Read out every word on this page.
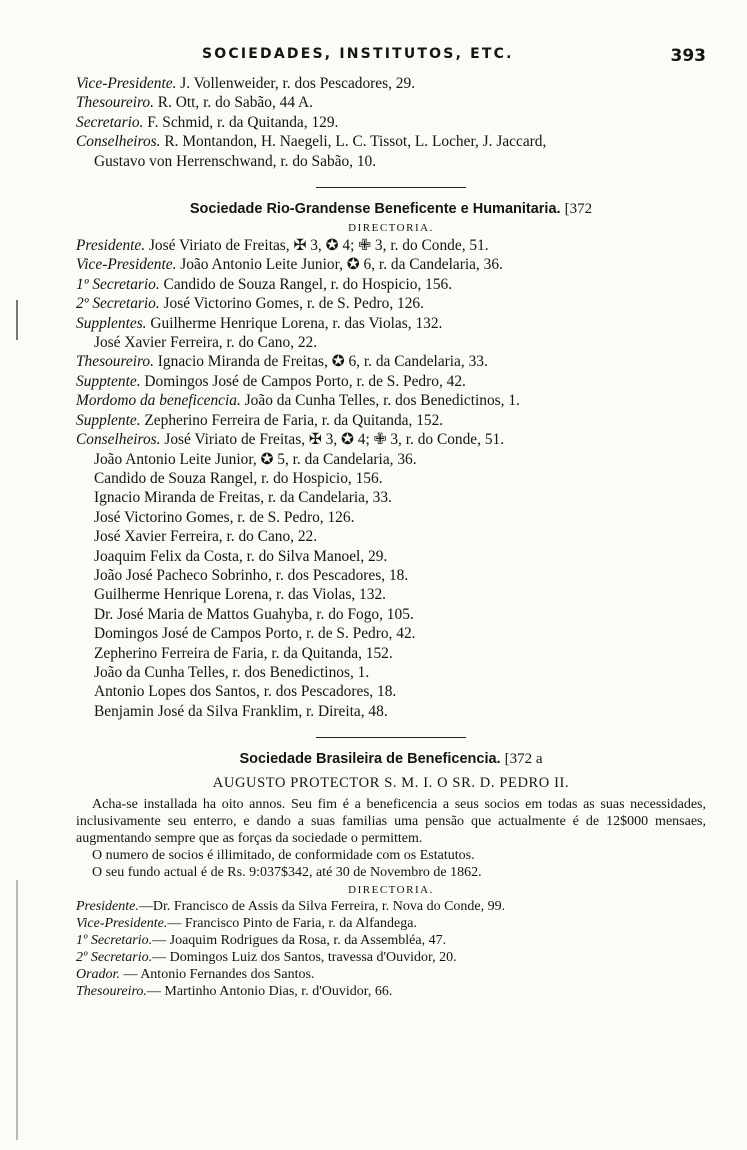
SOCIEDADES, INSTITUTOS, ETC.	393
Vice-Presidente. J. Vollenweider, r. dos Pescadores, 29.
Thesoureiro. R. Ott, r. do Sabão, 44 A.
Secretario. F. Schmid, r. da Quitanda, 129.
Conselheiros. R. Montandon, H. Naegeli, L. C. Tissot, L. Locher, J. Jaccard,
Gustavo von Herrenschwand, r. do Sabão, 10.
Sociedade Rio-Grandense Beneficente e Humanitaria. [372
DIRECTORIA.
Presidente. José Viriato de Freitas, ✠ 3, ✪ 4; ✙ 3, r. do Conde, 51.
Vice-Presidente. João Antonio Leite Junior, ✪ 6, r. da Candelaria, 36.
1º Secretario. Candido de Souza Rangel, r. do Hospicio, 156.
2º Secretario. José Victorino Gomes, r. de S. Pedro, 126.
Supplentes. Guilherme Henrique Lorena, r. das Violas, 132.
José Xavier Ferreira, r. do Cano, 22.
Thesoureiro. Ignacio Miranda de Freitas, ✪ 6, r. da Candelaria, 33.
Supptente. Domingos José de Campos Porto, r. de S. Pedro, 42.
Mordomo da beneficencia. João da Cunha Telles, r. dos Benedictinos, 1.
Supplente. Zepherino Ferreira de Faria, r. da Quitanda, 152.
Conselheiros. José Viriato de Freitas, ✠ 3, ✪ 4; ✙ 3, r. do Conde, 51.
João Antonio Leite Junior, ✪ 5, r. da Candelaria, 36.
Candido de Souza Rangel, r. do Hospicio, 156.
Ignacio Miranda de Freitas, r. da Candelaria, 33.
José Victorino Gomes, r. de S. Pedro, 126.
José Xavier Ferreira, r. do Cano, 22.
Joaquim Felix da Costa, r. do Silva Manoel, 29.
João José Pacheco Sobrinho, r. dos Pescadores, 18.
Guilherme Henrique Lorena, r. das Violas, 132.
Dr. José Maria de Mattos Guahyba, r. do Fogo, 105.
Domingos José de Campos Porto, r. de S. Pedro, 42.
Zepherino Ferreira de Faria, r. da Quitanda, 152.
João da Cunha Telles, r. dos Benedictinos, 1.
Antonio Lopes dos Santos, r. dos Pescadores, 18.
Benjamin José da Silva Franklim, r. Direita, 48.
Sociedade Brasileira de Beneficencia. [372 a
AUGUSTO PROTECTOR S. M. I. O SR. D. PEDRO II.
Acha-se installada ha oito annos. Seu fim é a beneficencia a seus socios em todas as suas necessidades, inclusivamente seu enterro, e dando a suas familias uma pensão que actualmente é de 12$000 mensaes, augmentando sempre que as forças da sociedade o permittem.
O numero de socios é illimitado, de conformidade com os Estatutos.
O seu fundo actual é de Rs. 9:037$342, até 30 de Novembro de 1862.
DIRECTORIA.
Presidente.—Dr. Francisco de Assis da Silva Ferreira, r. Nova do Conde, 99.
Vice-Presidente.— Francisco Pinto de Faria, r. da Alfandega.
1º Secretario.— Joaquim Rodrigues da Rosa, r. da Assembléa, 47.
2º Secretario.— Domingos Luiz dos Santos, travessa d'Ouvidor, 20.
Orador. — Antonio Fernandes dos Santos.
Thesoureiro.— Martinho Antonio Dias, r. d'Ouvidor, 66.
